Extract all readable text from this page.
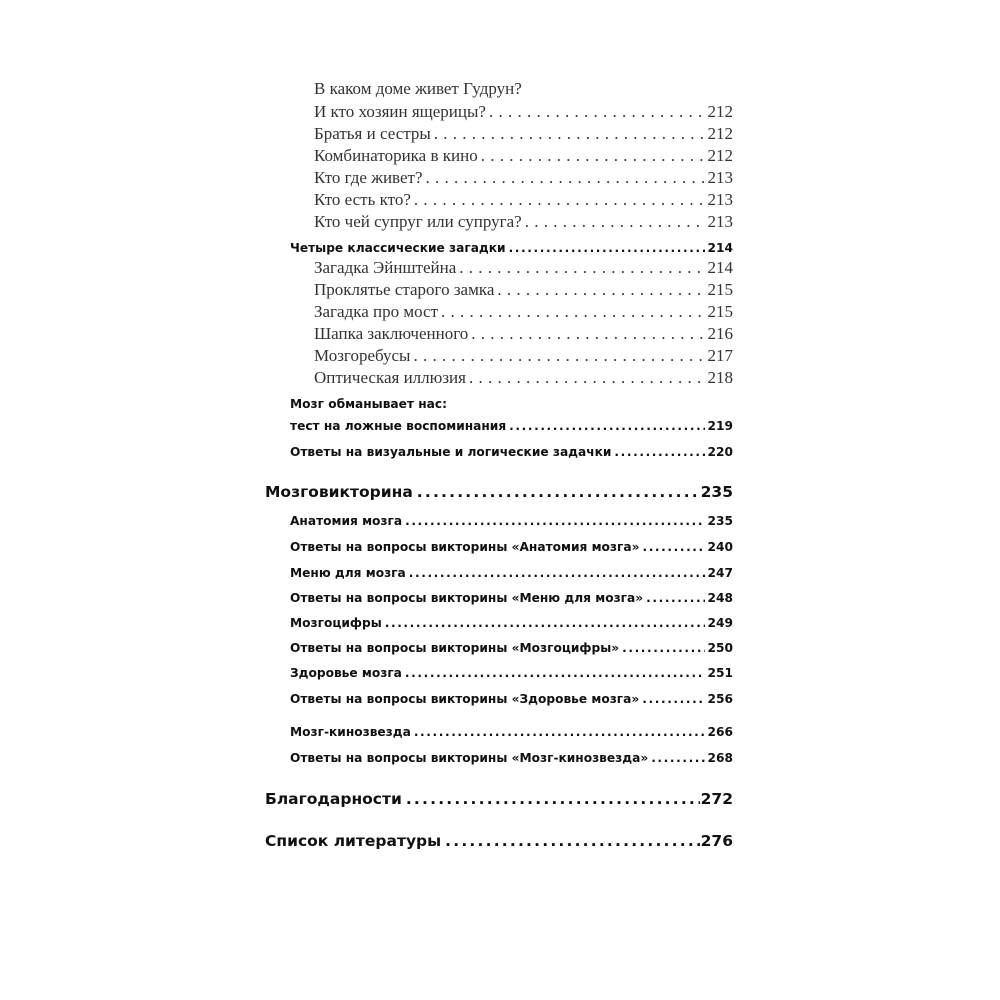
В каком доме живет Гудрун?
И кто хозяин ящерицы? . . .	212
Братья и сестры . . .	212
Комбинаторика в кино . . .	212
Кто где живет? . . .	213
Кто есть кто? . . .	213
Кто чей супруг или супруга? . . .	213
Четыре классические загадки .....	214
Загадка Эйнштейна . . .	214
Проклятье старого замка . . .	215
Загадка про мост . . .	215
Шапка заключенного . . .	216
Мозгоребусы . . .	217
Оптическая иллюзия . . .	218
Мозг обманывает нас:
тест на ложные воспоминания .....	219
Ответы на визуальные и логические задачки .....	220
Мозговикторина .....	235
Анатомия мозга .....	235
Ответы на вопросы викторины «Анатомия мозга» .....	240
Меню для мозга .....	247
Ответы на вопросы викторины «Меню для мозга» .....	248
Мозгоцифры .....	249
Ответы на вопросы викторины «Мозгоцифры» .....	250
Здоровье мозга .....	251
Ответы на вопросы викторины «Здоровье мозга» .....	256
Мозг-кинозвезда .....	266
Ответы на вопросы викторины «Мозг-кинозвезда» .....	268
Благодарности .....	272
Список литературы .....	276
